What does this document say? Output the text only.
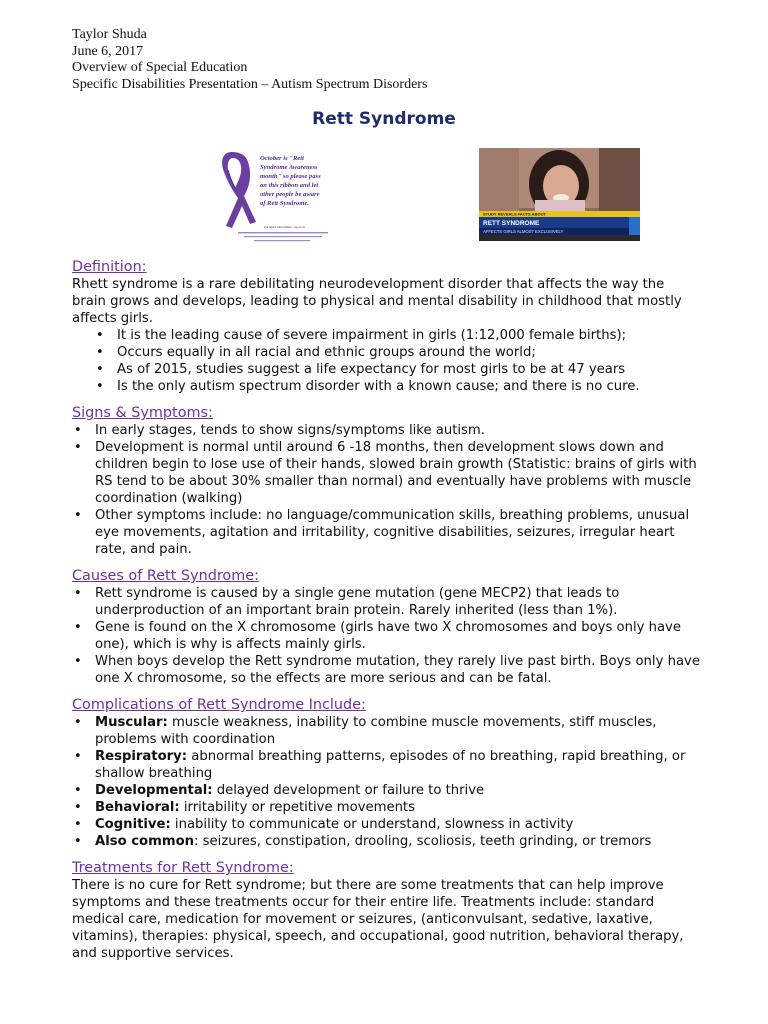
Taylor Shuda
June 6, 2017
Overview of Special Education
Specific Disabilities Presentation – Autism Spectrum Disorders
Rett Syndrome
October is "Rett Syndrome Awareness month" so please pass on this ribbon and let other people be aware of Rett Syndrome.
For More Information, log on to
STUDY REVEALS FACTS ABOUT
RETT SYNDROME
AFFECTS GIRLS ALMOST EXCLUSIVELY
Definition:

Rhett syndrome is a rare debilitating neurodevelopment disorder that affects the way the brain grows and develops, leading to physical and mental disability in childhood that mostly affects girls.

• It is the leading cause of severe impairment in girls (1:12,000 female births);
• Occurs equally in all racial and ethnic groups around the world;
• As of 2015, studies suggest a life expectancy for most girls to be at 47 years
• Is the only autism spectrum disorder with a known cause; and there is no cure.
Signs & Symptoms:
• In early stages, tends to show signs/symptoms like autism.
• Development is normal until around 6 -18 months, then development slows down and children begin to lose use of their hands, slowed brain growth (Statistic: brains of girls with RS tend to be about 30% smaller than normal) and eventually have problems with muscle coordination (walking)
• Other symptoms include: no language/communication skills, breathing problems, unusual eye movements, agitation and irritability, cognitive disabilities, seizures, irregular heart rate, and pain.
Causes of Rett Syndrome:
• Rett syndrome is caused by a single gene mutation (gene MECP2) that leads to underproduction of an important brain protein. Rarely inherited (less than 1%).
• Gene is found on the X chromosome (girls have two X chromosomes and boys only have one), which is why is affects mainly girls.
• When boys develop the Rett syndrome mutation, they rarely live past birth. Boys only have one X chromosome, so the effects are more serious and can be fatal.
Complications of Rett Syndrome Include:
• Muscular: muscle weakness, inability to combine muscle movements, stiff muscles, problems with coordination
• Respiratory: abnormal breathing patterns, episodes of no breathing, rapid breathing, or shallow breathing
• Developmental: delayed development or failure to thrive
• Behavioral: irritability or repetitive movements
• Cognitive: inability to communicate or understand, slowness in activity
• Also common: seizures, constipation, drooling, scoliosis, teeth grinding, or tremors
Treatments for Rett Syndrome:

There is no cure for Rett syndrome; but there are some treatments that can help improve symptoms and these treatments occur for their entire life. Treatments include: standard medical care, medication for movement or seizures, (anticonvulsant, sedative, laxative, vitamins), therapies: physical, speech, and occupational, good nutrition, behavioral therapy, and supportive services.
